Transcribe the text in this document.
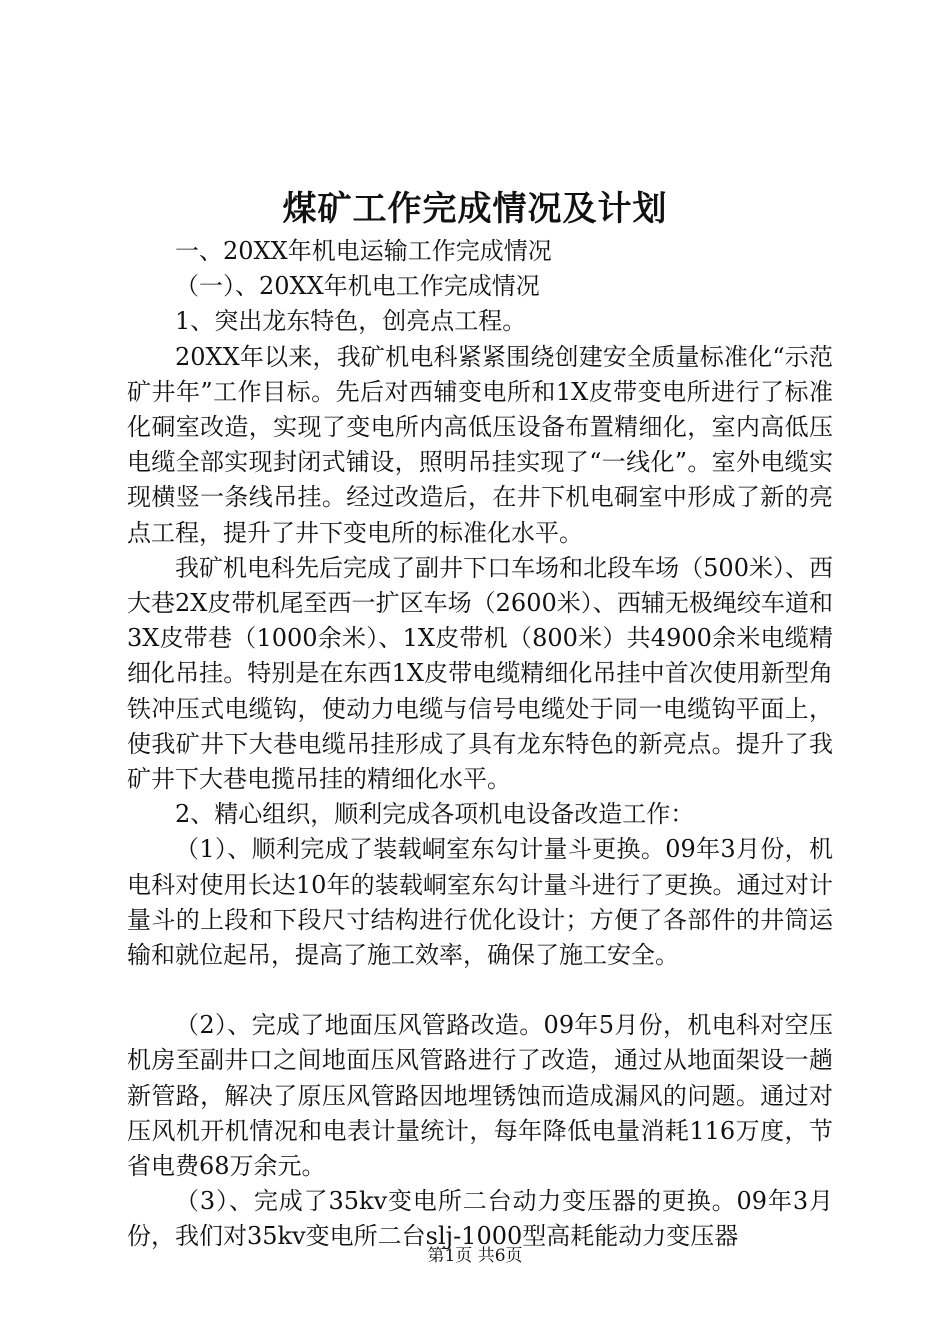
煤矿工作完成情况及计划

一、20XX年机电运输工作完成情况

（一）、20XX年机电工作完成情况

1、突出龙东特色，创亮点工程。

20XX年以来，我矿机电科紧紧围绕创建安全质量标准化“示范矿井年”工作目标。先后对西辅变电所和1X皮带变电所进行了标准化硐室改造，实现了变电所内高低压设备布置精细化，室内高低压电缆全部实现封闭式铺设，照明吊挂实现了“一线化”。室外电缆实现横竖一条线吊挂。经过改造后，在井下机电硐室中形成了新的亮点工程，提升了井下变电所的标准化水平。

我矿机电科先后完成了副井下口车场和北段车场（500米）、西大巷2X皮带机尾至西一扩区车场（2600米）、西辅无极绳绞车道和3X皮带巷（1000余米）、1X皮带机（800米）共4900余米电缆精细化吊挂。特别是在东西1X皮带电缆精细化吊挂中首次使用新型角铁冲压式电缆钩，使动力电缆与信号电缆处于同一电缆钩平面上，使我矿井下大巷电缆吊挂形成了具有龙东特色的新亮点。提升了我矿井下大巷电揽吊挂的精细化水平。

2、精心组织，顺利完成各项机电设备改造工作：

（1）、顺利完成了装载峒室东勾计量斗更换。09年3月份，机电科对使用长达10年的装载峒室东勾计量斗进行了更换。通过对计量斗的上段和下段尺寸结构进行优化设计；方便了各部件的井筒运输和就位起吊，提高了施工效率，确保了施工安全。

（2）、完成了地面压风管路改造。09年5月份，机电科对空压机房至副井口之间地面压风管路进行了改造，通过从地面架设一趟新管路，解决了原压风管路因地埋锈蚀而造成漏风的问题。通过对压风机开机情况和电表计量统计，每年降低电量消耗116万度，节省电费68万余元。

（3）、完成了35kv变电所二台动力变压器的更换。09年3月份，我们对35kv变电所二台slj-1000型高耗能动力变压器

第1页 共6页
